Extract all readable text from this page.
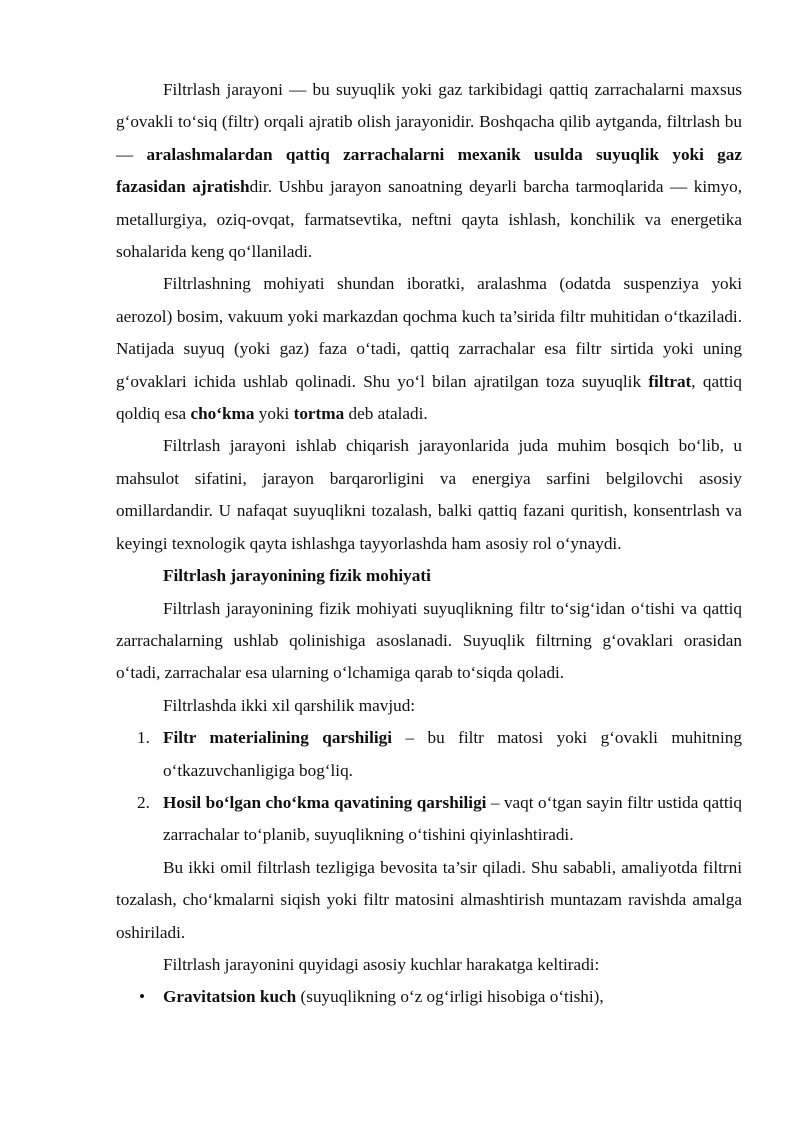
Filtrlash jarayoni — bu suyuqlik yoki gaz tarkibidagi qattiq zarrachalarni maxsus g‘ovakli to‘siq (filtr) orqali ajratib olish jarayonidir. Boshqacha qilib aytganda, filtrlash bu — aralashmalardan qattiq zarrachalarni mexanik usulda suyuqlik yoki gaz fazasidan ajratishdir. Ushbu jarayon sanoatning deyarli barcha tarmoqlarida — kimyo, metallurgiya, oziq-ovqat, farmatsevtika, neftni qayta ishlash, konchilik va energetika sohalarida keng qo‘llaniladi.

Filtrlashning mohiyati shundan iboratki, aralashma (odatda suspenziya yoki aerozol) bosim, vakuum yoki markazdan qochma kuch ta’sirida filtr muhitidan o‘tkaziladi. Natijada suyuq (yoki gaz) faza o‘tadi, qattiq zarrachalar esa filtr sirtida yoki uning g‘ovaklari ichida ushlab qolinadi. Shu yo‘l bilan ajratilgan toza suyuqlik filtrat, qattiq qoldiq esa cho‘kma yoki tortma deb ataladi.

Filtrlash jarayoni ishlab chiqarish jarayonlarida juda muhim bosqich bo‘lib, u mahsulot sifatini, jarayon barqarorligini va energiya sarfini belgilovchi asosiy omillardandir. U nafaqat suyuqlikni tozalash, balki qattiq fazani quritish, konsentrlash va keyingi texnologik qayta ishlashga tayyorlashda ham asosiy rol o‘ynaydi.

Filtrlash jarayonining fizik mohiyati

Filtrlash jarayonining fizik mohiyati suyuqlikning filtr to‘sig‘idan o‘tishi va qattiq zarrachalarning ushlab qolinishiga asoslanadi. Suyuqlik filtrning g‘ovaklari orasidan o‘tadi, zarrachalar esa ularning o‘lchamiga qarab to‘siqda qoladi.

Filtrlashda ikki xil qarshilik mavjud:

1. Filtr materialining qarshiligi – bu filtr matosi yoki g‘ovakli muhitning o‘tkazuvchanligiga bog‘liq.
2. Hosil bo‘lgan cho‘kma qavatining qarshiligi – vaqt o‘tgan sayin filtr ustida qattiq zarrachalar to‘planib, suyuqlikning o‘tishini qiyinlashtiradi.

Bu ikki omil filtrlash tezligiga bevosita ta’sir qiladi. Shu sababli, amaliyotda filtrni tozalash, cho‘kmalarni siqish yoki filtr matosini almashtirish muntazam ravishda amalga oshiriladi.

Filtrlash jarayonini quyidagi asosiy kuchlar harakatga keltiradi:

• Gravitatsion kuch (suyuqlikning o‘z og‘irligi hisobiga o‘tishi),
